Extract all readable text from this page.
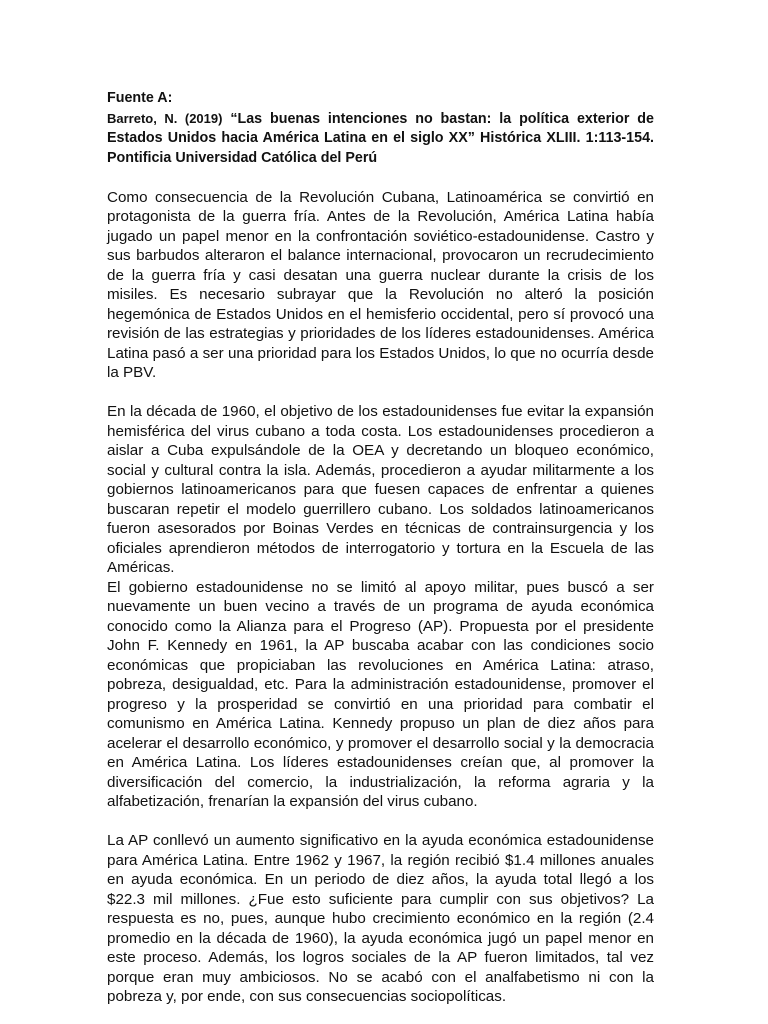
Fuente A:

Barreto, N. (2019) “Las buenas intenciones no bastan: la política exterior de Estados Unidos hacia América Latina en el siglo XX” Histórica XLIII. 1:113-154. Pontificia Universidad Católica del Perú

Como consecuencia de la Revolución Cubana, Latinoamérica se convirtió en protagonista de la guerra fría. Antes de la Revolución, América Latina había jugado un papel menor en la confrontación soviético-estadounidense. Castro y sus barbudos alteraron el balance internacional, provocaron un recrudecimiento de la guerra fría y casi desatan una guerra nuclear durante la crisis de los misiles. Es necesario subrayar que la Revolución no alteró la posición hegemónica de Estados Unidos en el hemisferio occidental, pero sí provocó una revisión de las estrategias y prioridades de los líderes estadounidenses. América Latina pasó a ser una prioridad para los Estados Unidos, lo que no ocurría desde la PBV.

En la década de 1960, el objetivo de los estadounidenses fue evitar la expansión hemisférica del virus cubano a toda costa. Los estadounidenses procedieron a aislar a Cuba expulsándole de la OEA y decretando un bloqueo económico, social y cultural contra la isla. Además, procedieron a ayudar militarmente a los gobiernos latinoamericanos para que fuesen capaces de enfrentar a quienes buscaran repetir el modelo guerrillero cubano. Los soldados latinoamericanos fueron asesorados por Boinas Verdes en técnicas de contrainsurgencia y los oficiales aprendieron métodos de interrogatorio y tortura en la Escuela de las Américas.

El gobierno estadounidense no se limitó al apoyo militar, pues buscó a ser nuevamente un buen vecino a través de un programa de ayuda económica conocido como la Alianza para el Progreso (AP). Propuesta por el presidente John F. Kennedy en 1961, la AP buscaba acabar con las condiciones socio económicas que propiciaban las revoluciones en América Latina: atraso, pobreza, desigualdad, etc. Para la administración estadounidense, promover el progreso y la prosperidad se convirtió en una prioridad para combatir el comunismo en América Latina. Kennedy propuso un plan de diez años para acelerar el desarrollo económico, y promover el desarrollo social y la democracia en América Latina. Los líderes estadounidenses creían que, al promover la diversificación del comercio, la industrialización, la reforma agraria y la alfabetización, frenarían la expansión del virus cubano.

La AP conllevó un aumento significativo en la ayuda económica estadounidense para América Latina. Entre 1962 y 1967, la región recibió $1.4 millones anuales en ayuda económica. En un periodo de diez años, la ayuda total llegó a los $22.3 mil millones. ¿Fue esto suficiente para cumplir con sus objetivos? La respuesta es no, pues, aunque hubo crecimiento económico en la región (2.4 promedio en la década de 1960), la ayuda económica jugó un papel menor en este proceso. Además, los logros sociales de la AP fueron limitados, tal vez porque eran muy ambiciosos. No se acabó con el analfabetismo ni con la pobreza y, por ende, con sus consecuencias sociopolíticas.
